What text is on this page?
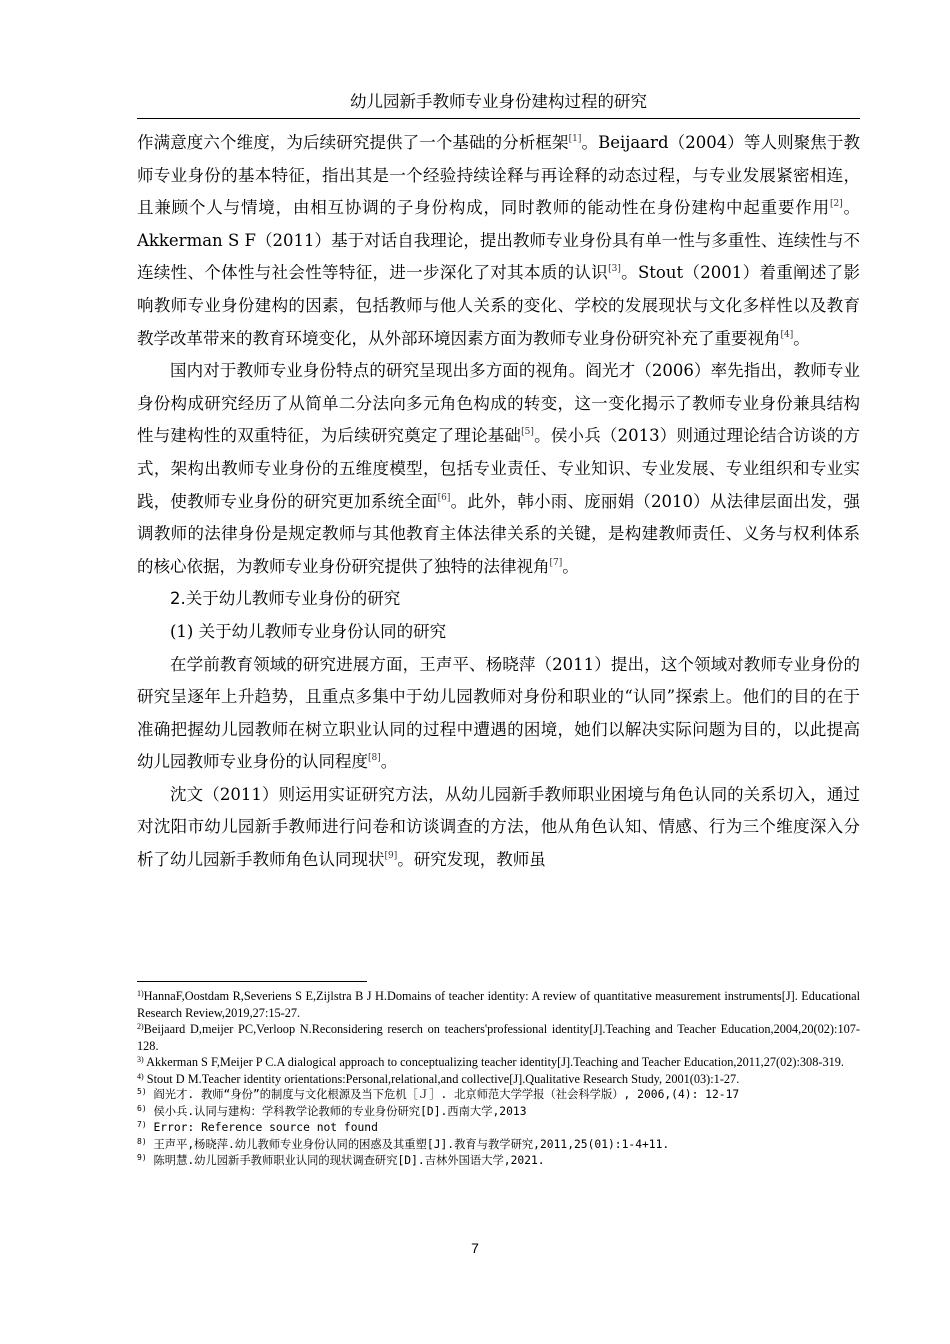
幼儿园新手教师专业身份建构过程的研究

作满意度六个维度，为后续研究提供了一个基础的分析框架[1]。Beijaard（2004）等人则聚焦于教师专业身份的基本特征，指出其是一个经验持续诠释与再诠释的动态过程，与专业发展紧密相连，且兼顾个人与情境，由相互协调的子身份构成，同时教师的能动性在身份建构中起重要作用[2]。Akkerman S F（2011）基于对话自我理论，提出教师专业身份具有单一性与多重性、连续性与不连续性、个体性与社会性等特征，进一步深化了对其本质的认识[3]。Stout（2001）着重阐述了影响教师专业身份建构的因素，包括教师与他人关系的变化、学校的发展现状与文化多样性以及教育教学改革带来的教育环境变化，从外部环境因素方面为教师专业身份研究补充了重要视角[4]。

国内对于教师专业身份特点的研究呈现出多方面的视角。阎光才（2006）率先指出，教师专业身份构成研究经历了从简单二分法向多元角色构成的转变，这一变化揭示了教师专业身份兼具结构性与建构性的双重特征，为后续研究奠定了理论基础[5]。侯小兵（2013）则通过理论结合访谈的方式，架构出教师专业身份的五维度模型，包括专业责任、专业知识、专业发展、专业组织和专业实践，使教师专业身份的研究更加系统全面[6]。此外，韩小雨、庞丽娟（2010）从法律层面出发，强调教师的法律身份是规定教师与其他教育主体法律关系的关键，是构建教师责任、义务与权利体系的核心依据，为教师专业身份研究提供了独特的法律视角[7]。

2.关于幼儿教师专业身份的研究

(1) 关于幼儿教师专业身份认同的研究

在学前教育领域的研究进展方面，王声平、杨晓萍（2011）提出，这个领域对教师专业身份的研究呈逐年上升趋势，且重点多集中于幼儿园教师对身份和职业的“认同”探索上。他们的目的在于准确把握幼儿园教师在树立职业认同的过程中遭遇的困境，她们以解决实际问题为目的，以此提高幼儿园教师专业身份的认同程度[8]。

沈文（2011）则运用实证研究方法，从幼儿园新手教师职业困境与角色认同的关系切入，通过对沈阳市幼儿园新手教师进行问卷和访谈调查的方法，他从角色认知、情感、行为三个维度深入分析了幼儿园新手教师角色认同现状[9]。研究发现，教师虽

$^{1)}$HannaF,Oostdam R,Severiens S E,Zijlstra B J H.Domains of teacher identity: A review of quantitative measurement instruments[J]. Educational Research Review,2019,27:15-27.
$^{2)}$Beijaard D,meijer PC,Verloop N.Reconsidering reserch on teachers'professional identity[J].Teaching and Teacher Education,2004,20(02):107-128.
$^{3)}$ Akkerman S F,Meijer P C.A dialogical approach to conceptualizing teacher identity[J].Teaching and Teacher Education,2011,27(02):308-319.
$^{4)}$ Stout D M.Teacher identity orientations:Personal,relational,and collective[J].Qualitative Research Study, 2001(03):1-27.
$^{5)}$ 阎光才. 教师“身份”的制度与文化根源及当下危机［Ｊ］. 北京师范大学学报（社会科学版）, 2006,(4): 12-17
$^{6)}$ 侯小兵.认同与建构：学科教学论教师的专业身份研究[D].西南大学,2013
$^{7)}$ Error: Reference source not found
$^{8)}$ 王声平,杨晓萍.幼儿教师专业身份认同的困惑及其重塑[J].教育与教学研究,2011,25(01):1-4+11.
$^{9)}$ 陈明慧.幼儿园新手教师职业认同的现状调查研究[D].吉林外国语大学,2021.
7
